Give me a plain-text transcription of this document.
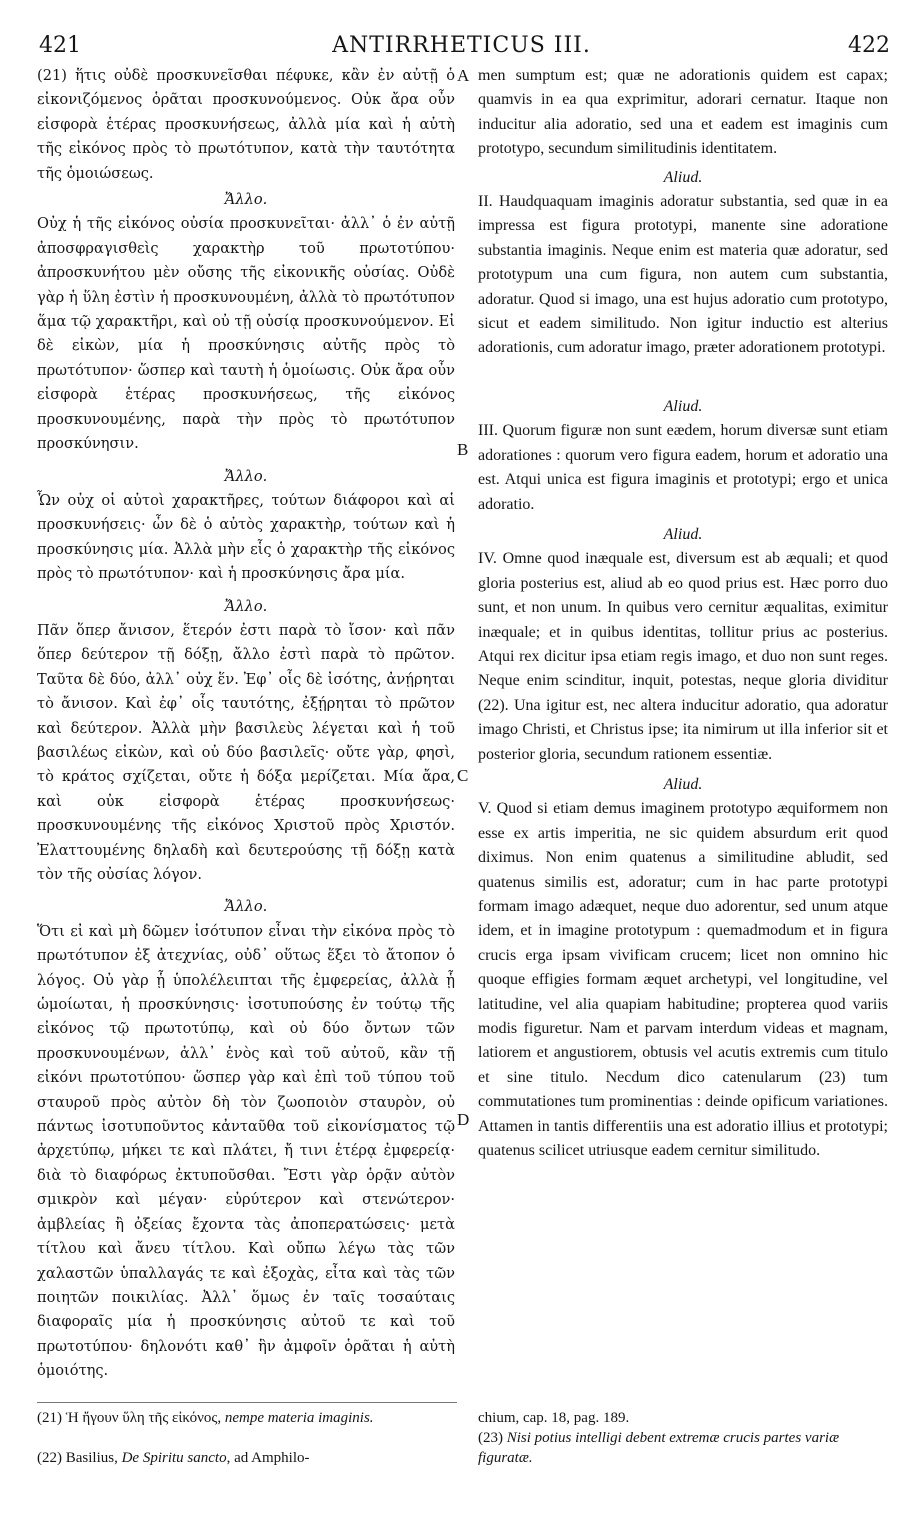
ANTIRRHETICUS III.
421	422

(21) ἥτις οὐδὲ προσκυνεῖσθαι πέφυκε, κἂν ἐν αὐτῇ ὁ εἰκονιζόμενος ὁρᾶται προσκυνούμενος. Οὐκ ἄρα οὖν εἰσφορὰ ἑτέρας προσκυνήσεως, ἀλλὰ μία καὶ ἡ αὐτὴ τῆς εἰκόνος πρὸς τὸ πρωτότυπον, κατὰ τὴν ταυτότητα τῆς ὁμοιώσεως.

Ἄλλο.

Οὐχ ἡ τῆς εἰκόνος οὐσία προσκυνεῖται· ἀλλ᾽ ὁ ἐν αὐτῇ ἀποσφραγισθεὶς χαρακτὴρ τοῦ πρωτοτύπου· ἀπροσκυνήτου μὲν οὔσης τῆς εἰκονικῆς οὐσίας. Οὐδὲ γὰρ ἡ ὕλη ἐστὶν ἡ προσκυνουμένη, ἀλλὰ τὸ πρωτότυπον ἅμα τῷ χαρακτῆρι, καὶ οὐ τῇ οὐσίᾳ προσκυνούμενον. Εἰ δὲ εἰκὼν, μία ἡ προσκύνησις αὐτῆς πρὸς τὸ πρωτότυπον· ὥσπερ καὶ ταυτὴ ἡ ὁμοίωσις. Οὐκ ἄρα οὖν εἰσφορὰ ἑτέρας προσκυνήσεως, τῆς εἰκόνος προσκυνουμένης, παρὰ τὴν πρὸς τὸ πρωτότυπον προσκύνησιν.

Ἄλλο.

Ὧν οὐχ οἱ αὐτοὶ χαρακτῆρες, τούτων διάφοροι καὶ αἱ προσκυνήσεις· ὧν δὲ ὁ αὐτὸς χαρακτὴρ, τούτων καὶ ἡ προσκύνησις μία. Ἀλλὰ μὴν εἷς ὁ χαρακτὴρ τῆς εἰκόνος πρὸς τὸ πρωτότυπον· καὶ ἡ προσκύνησις ἄρα μία.

Ἄλλο.

Πᾶν ὅπερ ἄνισον, ἕτερόν ἐστι παρὰ τὸ ἴσον· καὶ πᾶν ὅπερ δεύτερον τῇ δόξῃ, ἄλλο ἐστὶ παρὰ τὸ πρῶτον. Ταῦτα δὲ δύο, ἀλλ᾽ οὐχ ἕν. Ἐφ᾽ οἷς δὲ ἰσότης, ἀνῄρηται τὸ ἄνισον. Καὶ ἐφ᾽ οἷς ταυτότης, ἐξῄρηται τὸ πρῶτον καὶ δεύτερον. Ἀλλὰ μὴν βασιλεὺς λέγεται καὶ ἡ τοῦ βασιλέως εἰκὼν, καὶ οὐ δύο βασιλεῖς· οὔτε γὰρ, φησὶ, τὸ κράτος σχίζεται, οὔτε ἡ δόξα μερίζεται. Μία ἄρα, καὶ οὐκ εἰσφορὰ ἑτέρας προσκυνήσεως· προσκυνουμένης τῆς εἰκόνος Χριστοῦ πρὸς Χριστόν. Ἐλαττουμένης δηλαδὴ καὶ δευτερούσης τῇ δόξῃ κατὰ τὸν τῆς οὐσίας λόγον.

Ἄλλο.

Ὅτι εἰ καὶ μὴ δῶμεν ἰσότυπον εἶναι τὴν εἰκόνα πρὸς τὸ πρωτότυπον ἐξ ἀτεχνίας, οὐδ᾽ οὕτως ἕξει τὸ ἄτοπον ὁ λόγος. Οὐ γὰρ ᾗ ὑπολέλειπται τῆς ἐμφερείας, ἀλλὰ ᾗ ὡμοίωται, ἡ προσκύνησις· ἰσοτυπούσης ἐν τούτῳ τῆς εἰκόνος τῷ πρωτοτύπῳ, καὶ οὐ δύο ὄντων τῶν προσκυνουμένων, ἀλλ᾽ ἑνὸς καὶ τοῦ αὐτοῦ, κἂν τῇ εἰκόνι πρωτοτύπου· ὥσπερ γὰρ καὶ ἐπὶ τοῦ τύπου τοῦ σταυροῦ πρὸς αὐτὸν δὴ τὸν ζωοποιὸν σταυρὸν, οὐ πάντως ἰσοτυποῦντος κἀνταῦθα τοῦ εἰκονίσματος τῷ ἀρχετύπῳ, μήκει τε καὶ πλάτει, ἤ τινι ἑτέρᾳ ἐμφερείᾳ· διὰ τὸ διαφόρως ἐκτυποῦσθαι. Ἔστι γὰρ ὁρᾷν αὐτὸν σμικρὸν καὶ μέγαν· εὐρύτερον καὶ στενώτερον· ἀμβλείας ἢ ὀξείας ἔχοντα τὰς ἀποπερατώσεις· μετὰ τίτλου καὶ ἄνευ τίτλου. Καὶ οὔπω λέγω τὰς τῶν χαλαστῶν ὑπαλλαγάς τε καὶ ἐξοχὰς, εἶτα καὶ τὰς τῶν ποιητῶν ποικιλίας. Ἀλλ᾽ ὅμως ἐν ταῖς τοσαύταις διαφοραῖς μία ἡ προσκύνησις αὐτοῦ τε καὶ τοῦ πρωτοτύπου· δηλονότι καθ᾽ ἣν ἀμφοῖν ὁρᾶται ἡ αὐτὴ ὁμοιότης.

men sumptum est; quæ ne adorationis quidem est capax; quamvis in ea qua exprimitur, adorari cernatur. Itaque non inducitur alia adoratio, sed una et eadem est imaginis cum prototypo, secundum similitudinis identitatem.

Aliud.

II. Haudquaquam imaginis adoratur substantia, sed quæ in ea impressa est figura prototypi, manente sine adoratione substantia imaginis. Neque enim est materia quæ adoratur, sed prototypum una cum figura, non autem cum substantia, adoratur. Quod si imago, una est hujus adoratio cum prototypo, sicut et eadem similitudo. Non igitur inductio est alterius adorationis, cum adoratur imago, præter adorationem prototypi.

Aliud.

III. Quorum figuræ non sunt eædem, horum diversæ sunt etiam adorationes : quorum vero figura eadem, horum et adoratio una est. Atqui unica est figura imaginis et prototypi; ergo et unica adoratio.

Aliud.

IV. Omne quod inæquale est, diversum est ab æquali; et quod gloria posterius est, aliud ab eo quod prius est. Hæc porro duo sunt, et non unum. In quibus vero cernitur æqualitas, eximitur inæquale; et in quibus identitas, tollitur prius ac posterius. Atqui rex dicitur ipsa etiam regis imago, et duo non sunt reges. Neque enim scinditur, inquit, potestas, neque gloria dividitur (22). Una igitur est, nec altera inducitur adoratio, qua adoratur imago Christi, et Christus ipse; ita nimirum ut illa inferior sit et posterior gloria, secundum rationem essentiæ.

Aliud.

V. Quod si etiam demus imaginem prototypo æquiformem non esse ex artis imperitia, ne sic quidem absurdum erit quod diximus. Non enim quatenus a similitudine abludit, sed quatenus similis est, adoratur; cum in hac parte prototypi formam imago adæquet, neque duo adorentur, sed unum atque idem, et in imagine prototypum : quemadmodum et in figura crucis erga ipsam vivificam crucem; licet non omnino hic quoque effigies formam æquet archetypi, vel longitudine, vel latitudine, vel alia quapiam habitudine; propterea quod variis modis figuretur. Nam et parvam interdum videas et magnam, latiorem et angustiorem, obtusis vel acutis extremis cum titulo et sine titulo. Necdum dico catenularum (23) tum commutationes tum prominentias : deinde opificum variationes. Attamen in tantis differentiis una est adoratio illius et prototypi; quatenus scilicet utriusque eadem cernitur similitudo.

A
B
C
D
(21) Ἡ ἤγουν ὕλη τῆς εἰκόνος, nempe materia imaginis.
(22) Basilius, De Spiritu sancto, ad Amphilo-
chium, cap. 18, pag. 189.
(23) Nisi potius intelligi debent extremæ crucis partes variæ figuratæ.
